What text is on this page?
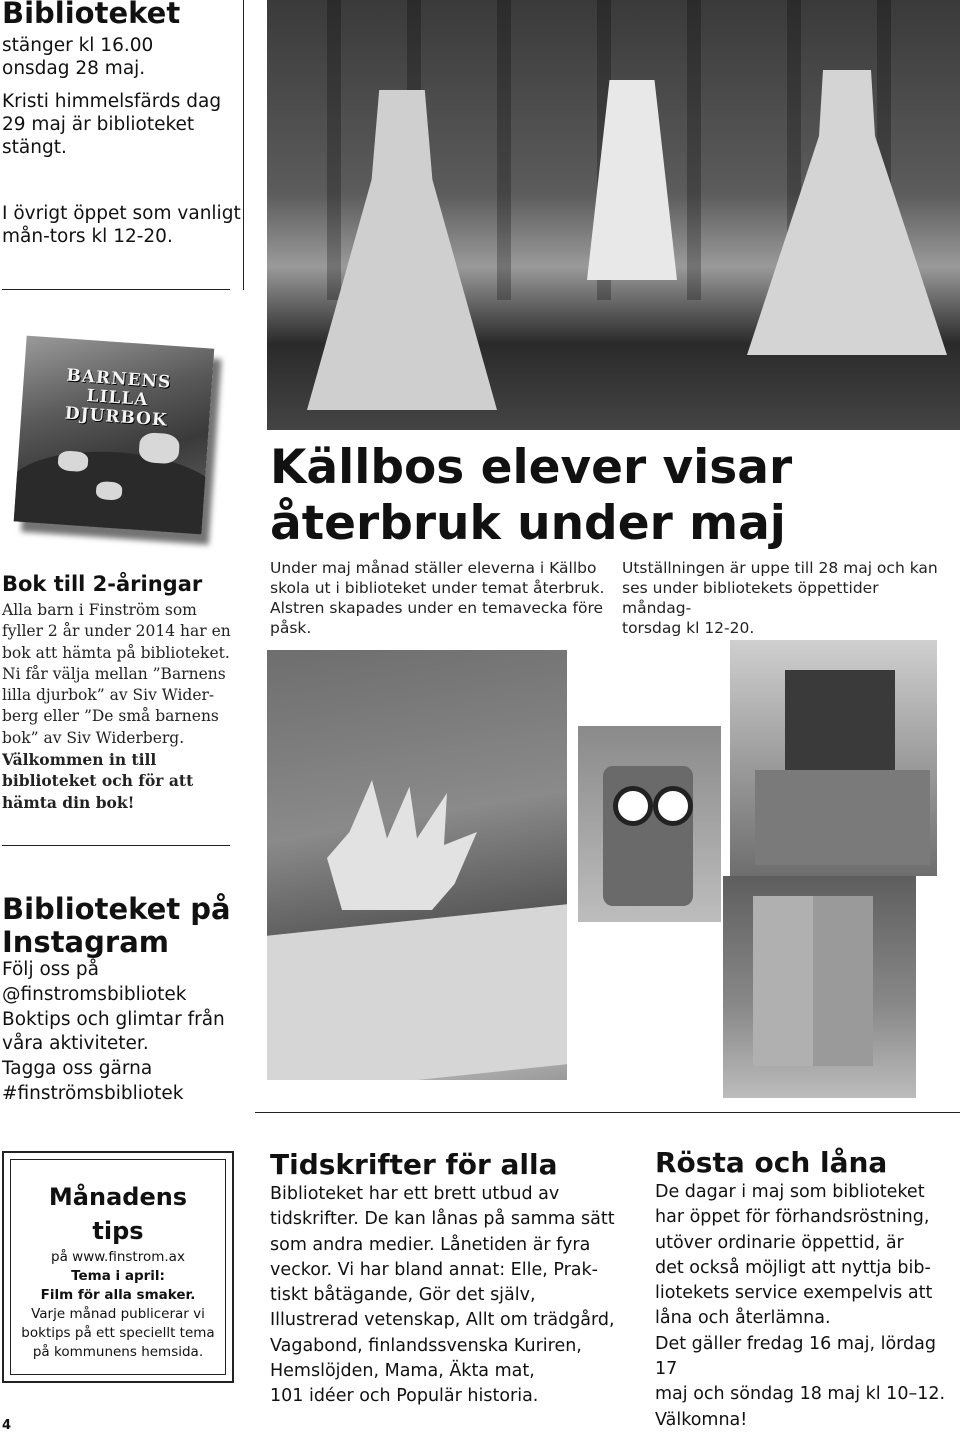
Biblioteket
stänger kl 16.00
onsdag 28 maj.
Kristi himmelsfärds dag
29 maj är biblioteket
stängt.
I övrigt öppet som vanligt
mån-tors kl 12-20.
BARNENS LILLA DJURBOK
Bok till 2-åringar
Alla barn i Finström som
fyller 2 år under 2014 har en
bok att hämta på biblioteket.
Ni får välja mellan ”Barnens
lilla djurbok” av Siv Wider-
berg eller ”De små barnens
bok” av Siv Widerberg.
Välkommen in till
biblioteket och för att
hämta din bok!
Biblioteket på
Instagram
Följ oss på
@finstromsbibliotek
Boktips och glimtar från
våra aktiviteter.
Tagga oss gärna
#finströmsbibliotek
Månadens
tips
på www.finstrom.ax
Tema i april:
Film för alla smaker.
Varje månad publicerar vi
boktips på ett speciellt tema
på kommunens hemsida.
Källbos elever visar
återbruk under maj
Under maj månad ställer eleverna i Källbo
skola ut i biblioteket under temat återbruk.
Alstren skapades under en temavecka före
påsk.
Utställningen är uppe till 28 maj och kan
ses under bibliotekets öppettider måndag-
torsdag kl 12-20.
Tidskrifter för alla
Biblioteket har ett brett utbud av
tidskrifter. De kan lånas på samma sätt
som andra medier. Lånetiden är fyra
veckor. Vi har bland annat: Elle, Prak-
tiskt båtägande, Gör det själv,
Illustrerad vetenskap, Allt om trädgård,
Vagabond, finlandssvenska Kuriren,
Hemslöjden, Mama, Äkta mat,
101 idéer och Populär historia.
Rösta och låna
De dagar i maj som biblioteket
har öppet för förhandsröstning,
utöver ordinarie öppettid, är
det också möjligt att nyttja bib-
liotekets service exempelvis att
låna och återlämna.
Det gäller fredag 16 maj, lördag 17
maj och söndag 18 maj kl 10–12.
Välkomna!
4
